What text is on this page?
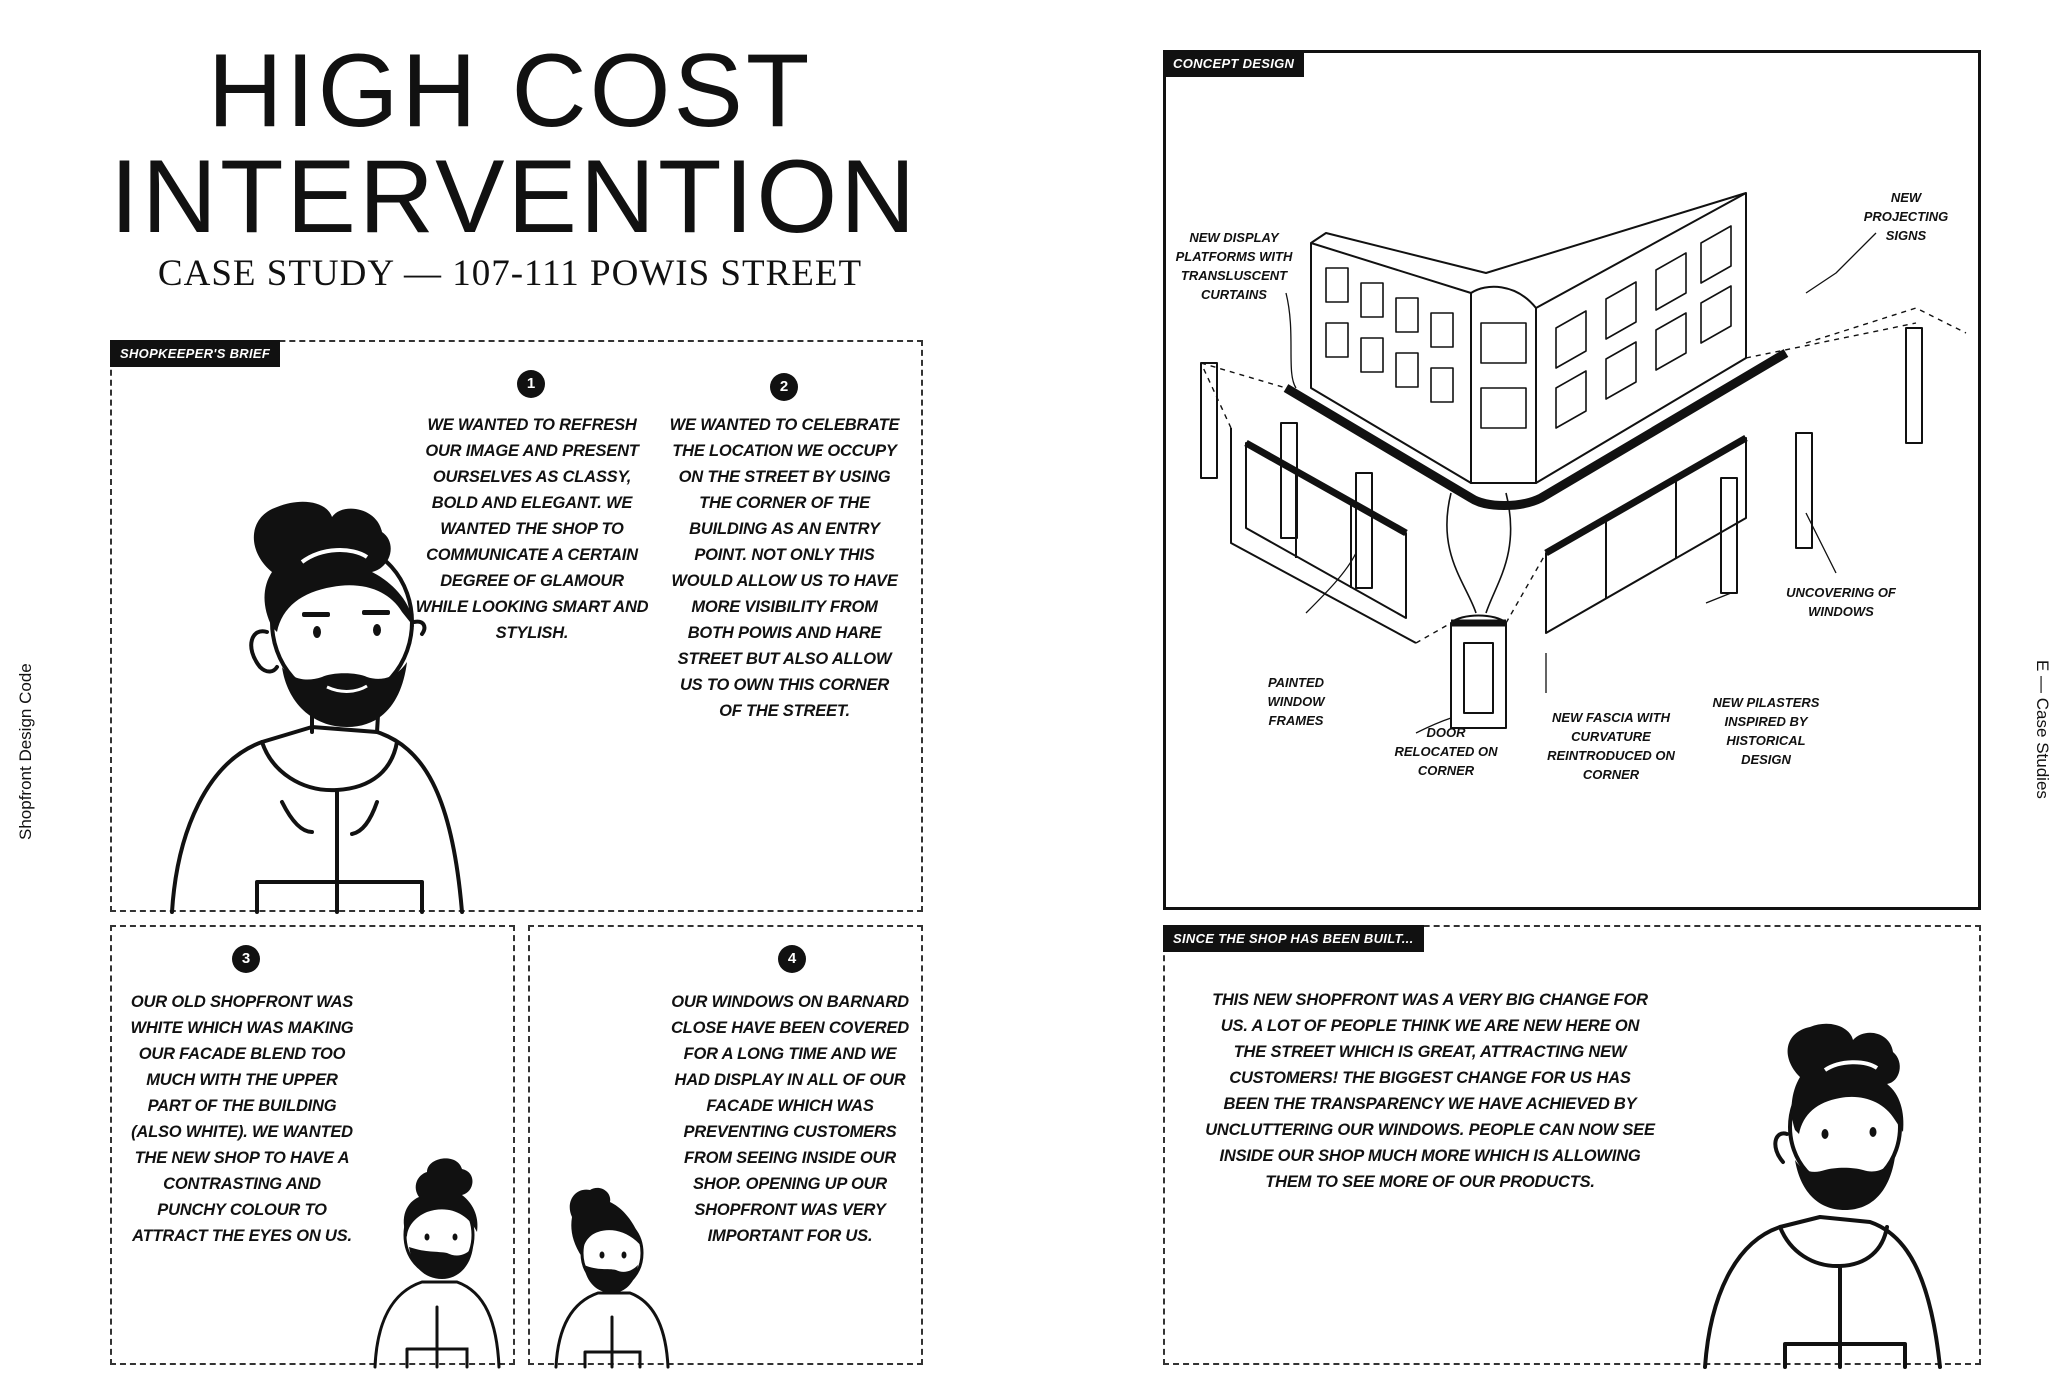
HIGH COST
INTERVENTION
CASE STUDY — 107-111 POWIS STREET
Shopfront Design Code	E — Case Studies
SHOPKEEPER'S BRIEF
1
WE WANTED TO REFRESH OUR IMAGE AND PRESENT OURSELVES AS CLASSY, BOLD AND ELEGANT. WE WANTED THE SHOP TO COMMUNICATE A CERTAIN DEGREE OF GLAMOUR WHILE LOOKING SMART AND STYLISH.
2
WE WANTED TO CELEBRATE THE LOCATION WE OCCUPY ON THE STREET BY USING THE CORNER OF THE BUILDING AS AN ENTRY POINT. NOT ONLY THIS WOULD ALLOW US TO HAVE MORE VISIBILITY FROM BOTH POWIS AND HARE STREET BUT ALSO ALLOW US TO OWN THIS CORNER OF THE STREET.
3
OUR OLD SHOPFRONT WAS WHITE WHICH WAS MAKING OUR FACADE BLEND TOO MUCH WITH THE UPPER PART OF THE BUILDING (ALSO WHITE). WE WANTED THE NEW SHOP TO HAVE A CONTRASTING AND PUNCHY COLOUR TO ATTRACT THE EYES ON US.
4
OUR WINDOWS ON BARNARD CLOSE HAVE BEEN COVERED FOR A LONG TIME AND WE HAD DISPLAY IN ALL OF OUR FACADE WHICH WAS PREVENTING CUSTOMERS FROM SEEING INSIDE OUR SHOP. OPENING UP OUR SHOPFRONT WAS VERY IMPORTANT FOR US.
CONCEPT DESIGN
NEW DISPLAY PLATFORMS WITH TRANSLUSCENT CURTAINS
NEW PROJECTING SIGNS
UNCOVERING OF WINDOWS
PAINTED WINDOW FRAMES
DOOR RELOCATED ON CORNER
NEW FASCIA WITH CURVATURE REINTRODUCED ON CORNER
NEW PILASTERS INSPIRED BY HISTORICAL DESIGN
SINCE THE SHOP HAS BEEN BUILT...
THIS NEW SHOPFRONT WAS A VERY BIG CHANGE FOR US. A LOT OF PEOPLE THINK WE ARE NEW HERE ON THE STREET WHICH IS GREAT, ATTRACTING NEW CUSTOMERS! THE BIGGEST CHANGE FOR US HAS BEEN THE TRANSPARENCY WE HAVE ACHIEVED BY UNCLUTTERING OUR WINDOWS. PEOPLE CAN NOW SEE INSIDE OUR SHOP MUCH MORE WHICH IS ALLOWING THEM TO SEE MORE OF OUR PRODUCTS.
